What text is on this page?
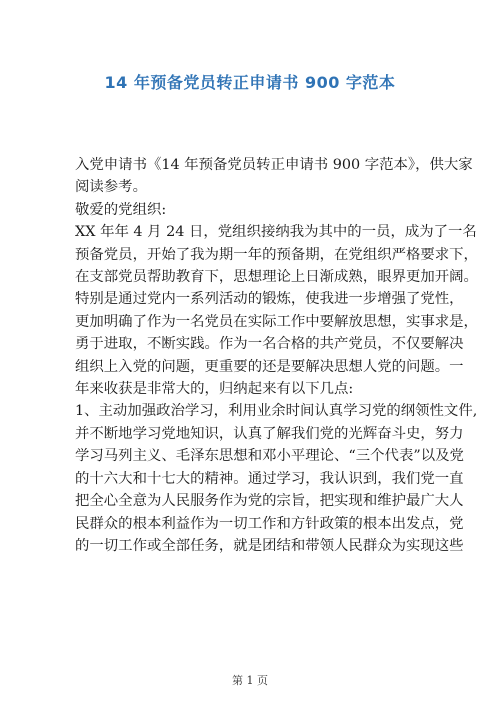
14 年预备党员转正申请书 900 字范本
入党申请书《14 年预备党员转正申请书 900 字范本》，供大家
阅读参考。
敬爱的党组织:
XX 年年 4 月 24 日，党组织接纳我为其中的一员，成为了一名
预备党员，开始了我为期一年的预备期，在党组织严格要求下，
在支部党员帮助教育下，思想理论上日渐成熟，眼界更加开阔。
特别是通过党内一系列活动的锻炼，使我进一步增强了党性，
更加明确了作为一名党员在实际工作中要解放思想，实事求是，
勇于进取，不断实践。作为一名合格的共产党员，不仅要解决
组织上入党的问题，更重要的还是要解决思想人党的问题。一
年来收获是非常大的，归纳起来有以下几点:
1、主动加强政治学习，利用业余时间认真学习党的纲领性文件,
并不断地学习党地知识，认真了解我们党的光辉奋斗史，努力
学习马列主义、毛泽东思想和邓小平理论、“三个代表”以及党
的十六大和十七大的精神。通过学习，我认识到，我们党一直
把全心全意为人民服务作为党的宗旨，把实现和维护最广大人
民群众的根本利益作为一切工作和方针政策的根本出发点，党
的一切工作或全部任务，就是团结和带领人民群众为实现这些
第 1 页
